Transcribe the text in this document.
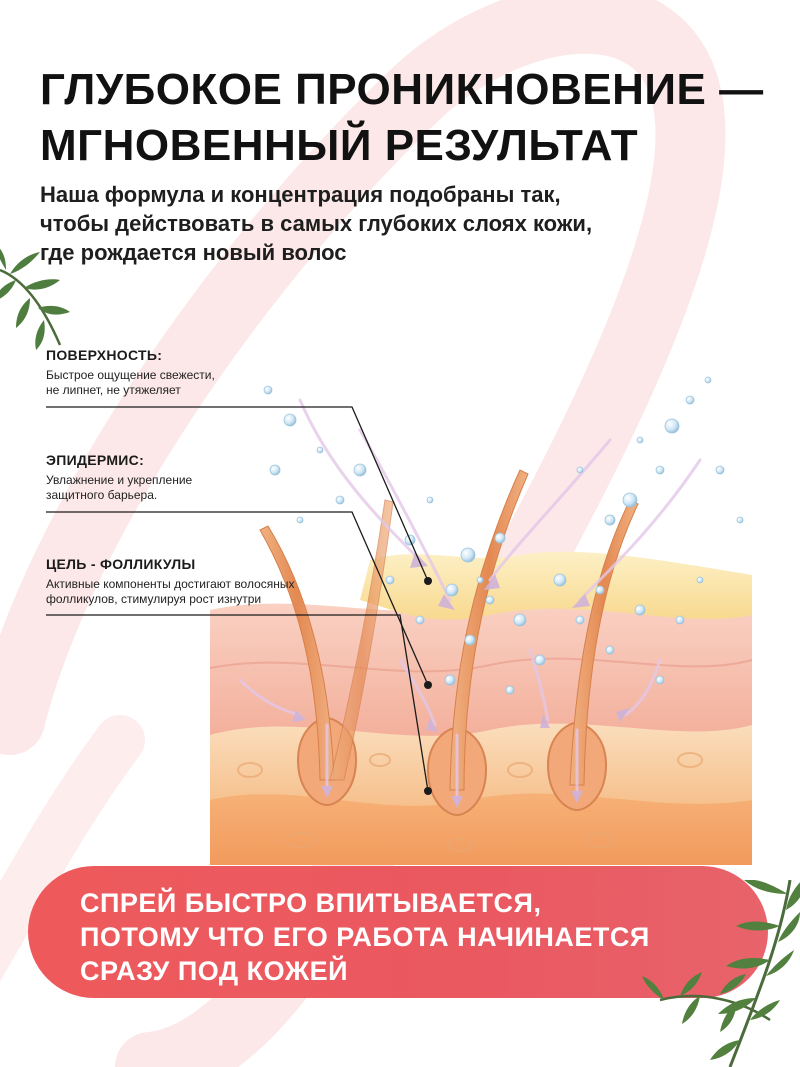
ГЛУБОКОЕ ПРОНИКНОВЕНИЕ —
МГНОВЕННЫЙ РЕЗУЛЬТАТ

Наша формула и концентрация подобраны так,
чтобы действовать в самых глубоких слоях кожи,
где рождается новый волос

ПОВЕРХНОСТЬ:
Быстрое ощущение свежести,
не липнет, не утяжеляет
ЭПИДЕРМИС:
Увлажнение и укрепление
защитного барьера.
ЦЕЛЬ - ФОЛЛИКУЛЫ
Активные компоненты достигают волосяных
фолликулов, стимулируя рост изнутри

СПРЕЙ БЫСТРО ВПИТЫВАЕТСЯ,
ПОТОМУ ЧТО ЕГО РАБОТА НАЧИНАЕТСЯ
СРАЗУ ПОД КОЖЕЙ
